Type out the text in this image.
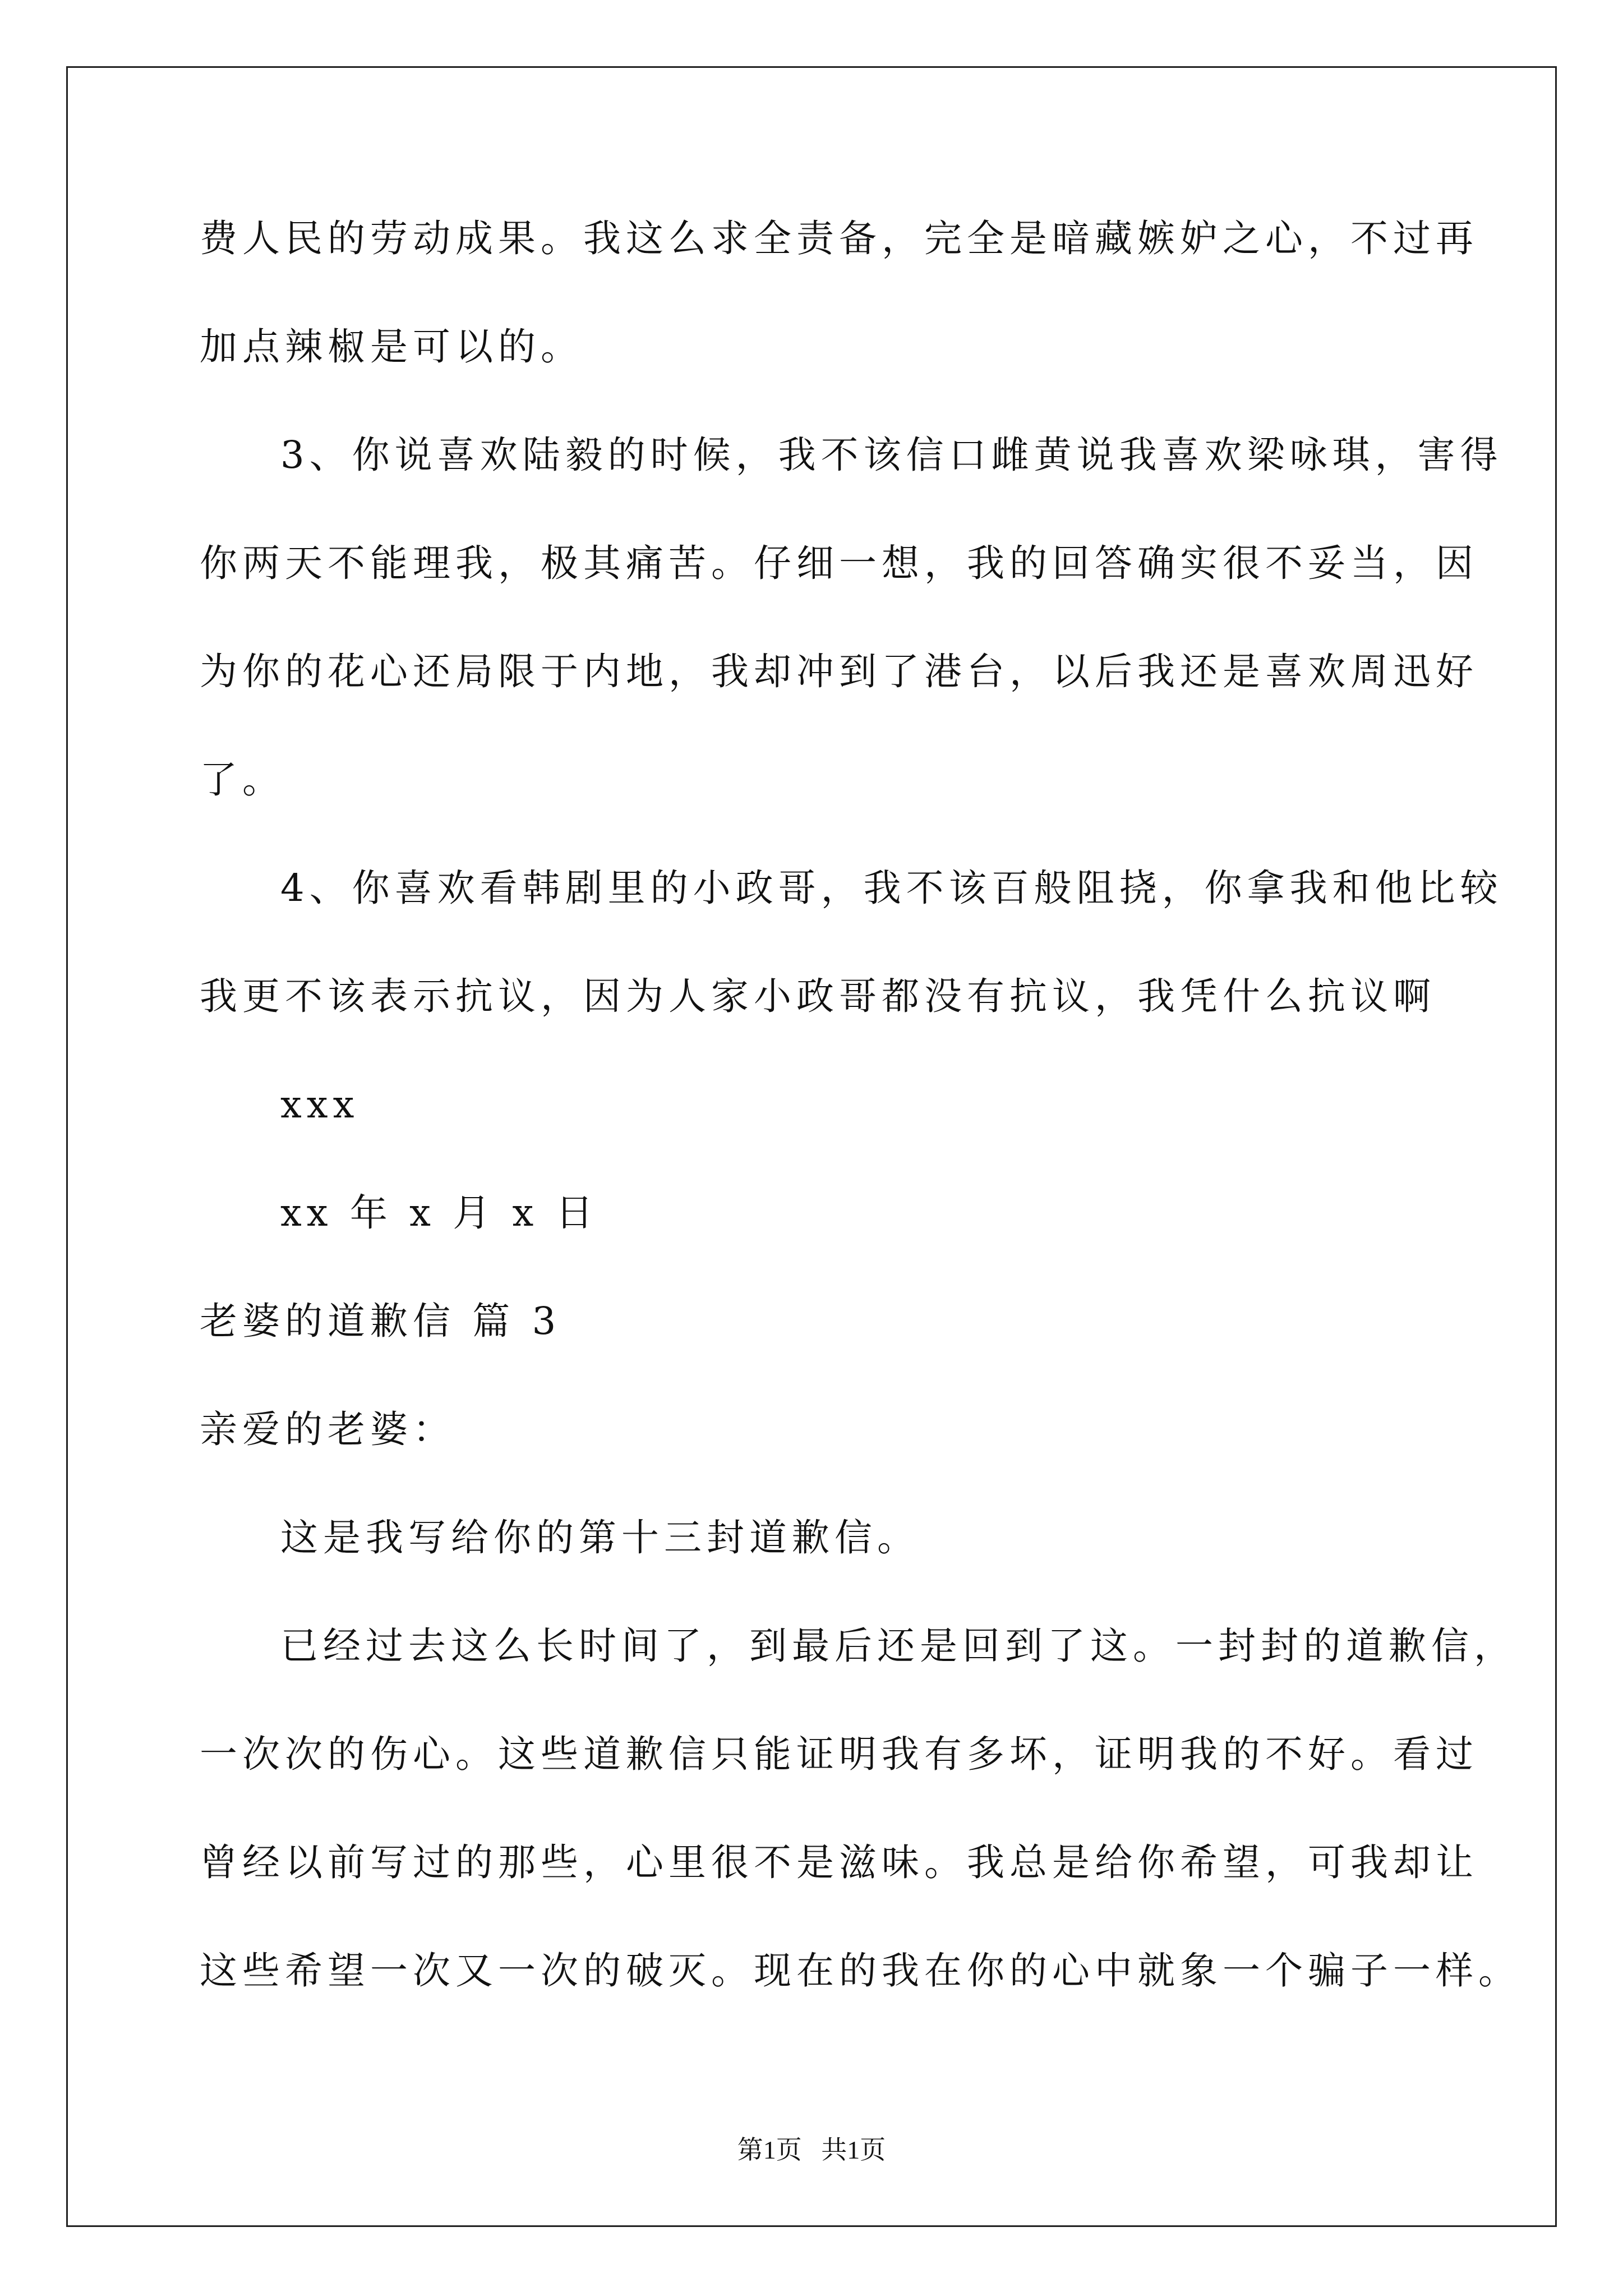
费人民的劳动成果。我这么求全责备，完全是暗藏嫉妒之心，不过再
加点辣椒是可以的。
3、你说喜欢陆毅的时候，我不该信口雌黄说我喜欢梁咏琪，害得
你两天不能理我，极其痛苦。仔细一想，我的回答确实很不妥当，因
为你的花心还局限于内地，我却冲到了港台，以后我还是喜欢周迅好
了。
4、你喜欢看韩剧里的小政哥，我不该百般阻挠，你拿我和他比较
我更不该表示抗议，因为人家小政哥都没有抗议，我凭什么抗议啊
xxx
xx 年 x 月 x 日
老婆的道歉信 篇 3
亲爱的老婆：
这是我写给你的第十三封道歉信。
已经过去这么长时间了，到最后还是回到了这。一封封的道歉信，
一次次的伤心。这些道歉信只能证明我有多坏，证明我的不好。看过
曾经以前写过的那些，心里很不是滋味。我总是给你希望，可我却让
这些希望一次又一次的破灭。现在的我在你的心中就象一个骗子一样。
第1页   共1页
